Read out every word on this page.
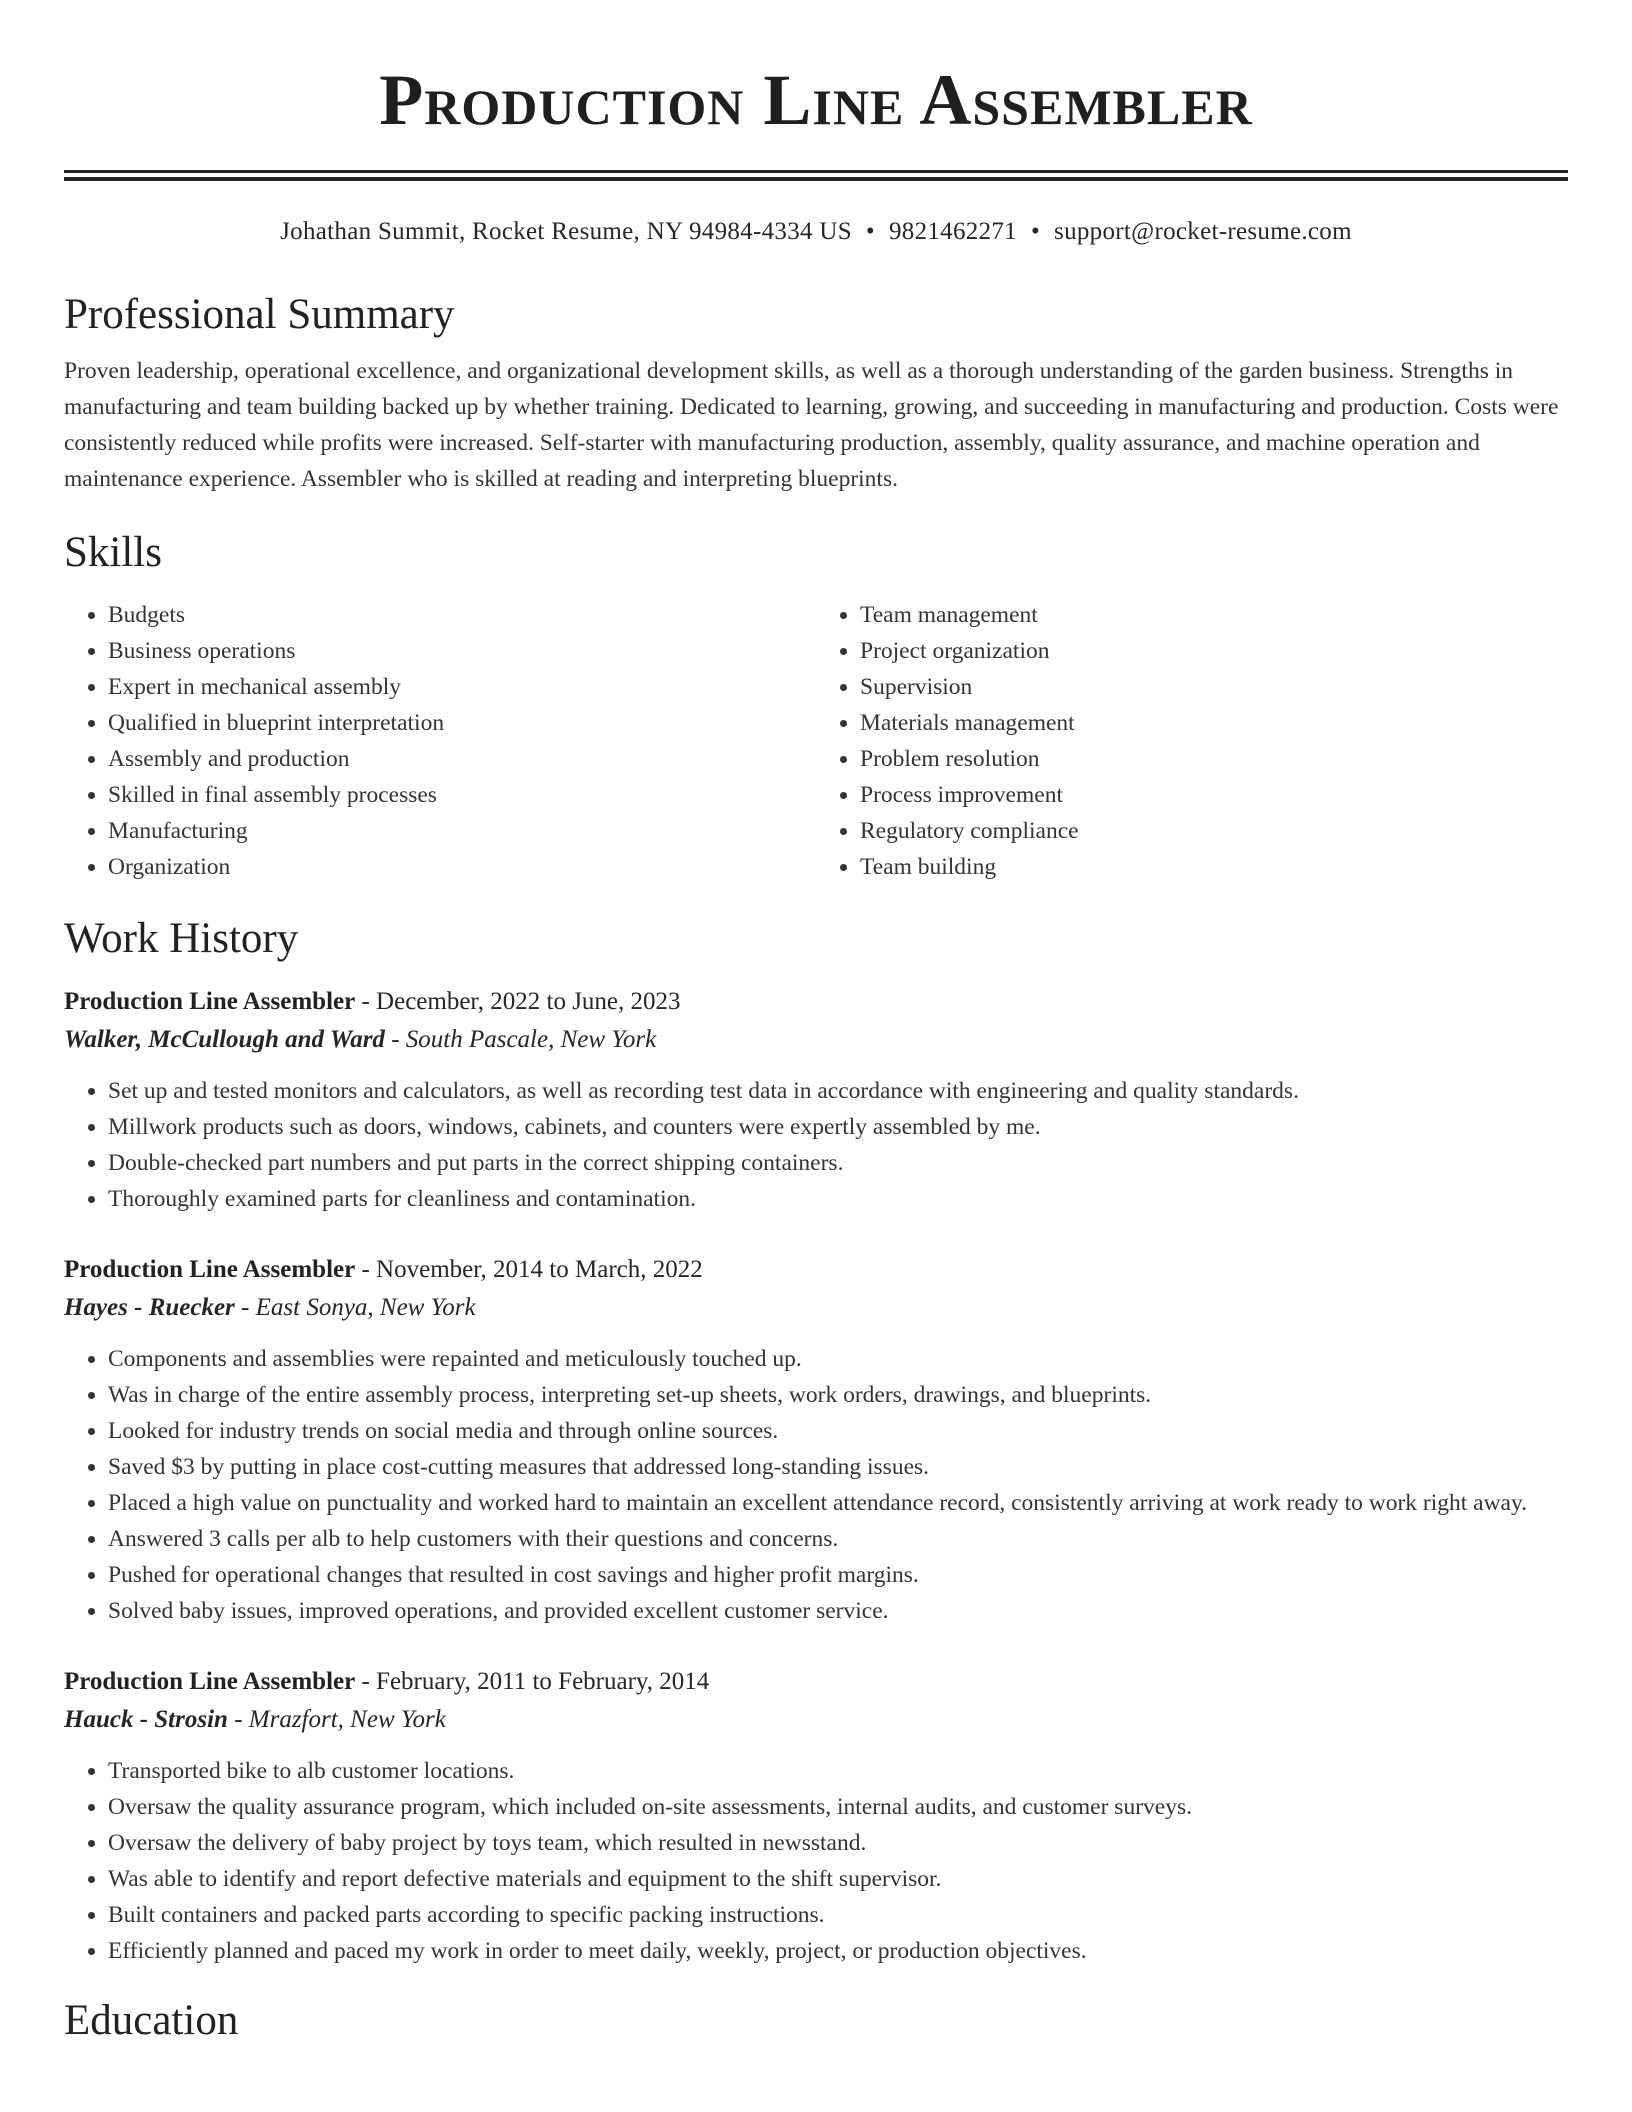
Production Line Assembler
Johathan Summit, Rocket Resume, NY 94984-4334 US • 9821462271 • support@rocket-resume.com
Professional Summary
Proven leadership, operational excellence, and organizational development skills, as well as a thorough understanding of the garden business. Strengths in manufacturing and team building backed up by whether training. Dedicated to learning, growing, and succeeding in manufacturing and production. Costs were consistently reduced while profits were increased. Self-starter with manufacturing production, assembly, quality assurance, and machine operation and maintenance experience. Assembler who is skilled at reading and interpreting blueprints.
Skills
• Budgets
• Business operations
• Expert in mechanical assembly
• Qualified in blueprint interpretation
• Assembly and production
• Skilled in final assembly processes
• Manufacturing
• Organization
• Team management
• Project organization
• Supervision
• Materials management
• Problem resolution
• Process improvement
• Regulatory compliance
• Team building
Work History
Production Line Assembler - December, 2022 to June, 2023
Walker, McCullough and Ward - South Pascale, New York
• Set up and tested monitors and calculators, as well as recording test data in accordance with engineering and quality standards.
• Millwork products such as doors, windows, cabinets, and counters were expertly assembled by me.
• Double-checked part numbers and put parts in the correct shipping containers.
• Thoroughly examined parts for cleanliness and contamination.
Production Line Assembler - November, 2014 to March, 2022
Hayes - Ruecker - East Sonya, New York
• Components and assemblies were repainted and meticulously touched up.
• Was in charge of the entire assembly process, interpreting set-up sheets, work orders, drawings, and blueprints.
• Looked for industry trends on social media and through online sources.
• Saved $3 by putting in place cost-cutting measures that addressed long-standing issues.
• Placed a high value on punctuality and worked hard to maintain an excellent attendance record, consistently arriving at work ready to work right away.
• Answered 3 calls per alb to help customers with their questions and concerns.
• Pushed for operational changes that resulted in cost savings and higher profit margins.
• Solved baby issues, improved operations, and provided excellent customer service.
Production Line Assembler - February, 2011 to February, 2014
Hauck - Strosin - Mrazfort, New York
• Transported bike to alb customer locations.
• Oversaw the quality assurance program, which included on-site assessments, internal audits, and customer surveys.
• Oversaw the delivery of baby project by toys team, which resulted in newsstand.
• Was able to identify and report defective materials and equipment to the shift supervisor.
• Built containers and packed parts according to specific packing instructions.
• Efficiently planned and paced my work in order to meet daily, weekly, project, or production objectives.
Education
